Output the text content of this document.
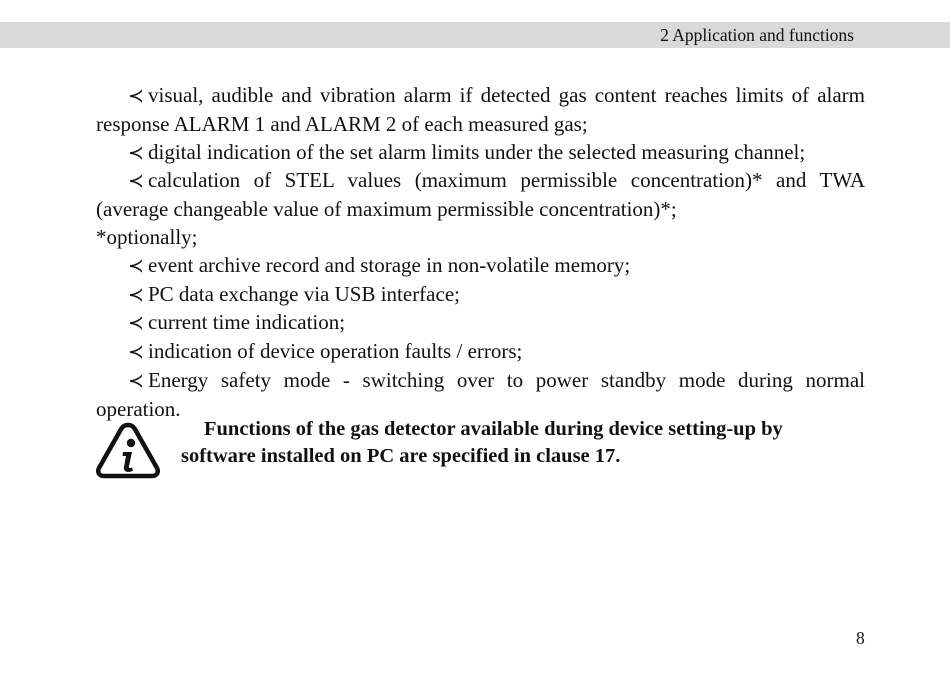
2 Application and functions

≺ visual, audible and vibration alarm if detected gas content reaches limits of alarm response ALARM 1 and ALARM 2 of each measured gas;

≺ digital indication of the set alarm limits under the selected measuring channel;

≺ calculation of STEL values (maximum permissible concentration)* and TWA (average changeable value of maximum permissible concentration)*;

*optionally;

≺ event archive record and storage in non-volatile memory;

≺ PC data exchange via USB interface;

≺ current time indication;

≺ indication of device operation faults / errors;

≺ Energy safety mode - switching over to power standby mode during normal operation.

Functions of the gas detector available during device setting-up by software installed on PC are specified in clause 17.
8
